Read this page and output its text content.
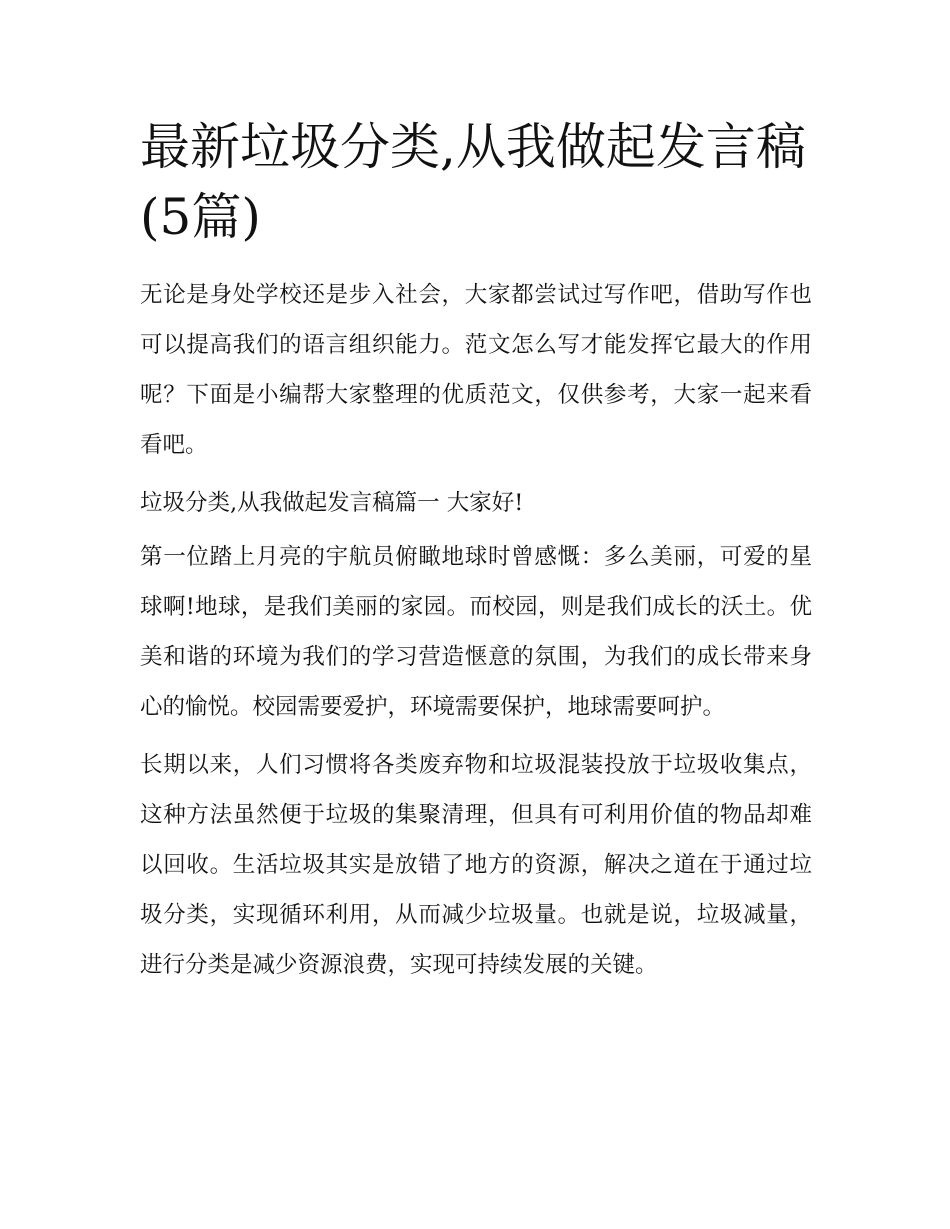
最新垃圾分类,从我做起发言稿(5篇)

无论是身处学校还是步入社会，大家都尝试过写作吧，借助写作也可以提高我们的语言组织能力。范文怎么写才能发挥它最大的作用呢？下面是小编帮大家整理的优质范文，仅供参考，大家一起来看看吧。

垃圾分类,从我做起发言稿篇一 大家好!

第一位踏上月亮的宇航员俯瞰地球时曾感慨：多么美丽，可爱的星球啊!地球，是我们美丽的家园。而校园，则是我们成长的沃土。优美和谐的环境为我们的学习营造惬意的氛围，为我们的成长带来身心的愉悦。校园需要爱护，环境需要保护，地球需要呵护。

长期以来，人们习惯将各类废弃物和垃圾混装投放于垃圾收集点，这种方法虽然便于垃圾的集聚清理，但具有可利用价值的物品却难以回收。生活垃圾其实是放错了地方的资源，解决之道在于通过垃圾分类，实现循环利用，从而减少垃圾量。也就是说，垃圾减量，进行分类是减少资源浪费，实现可持续发展的关键。
